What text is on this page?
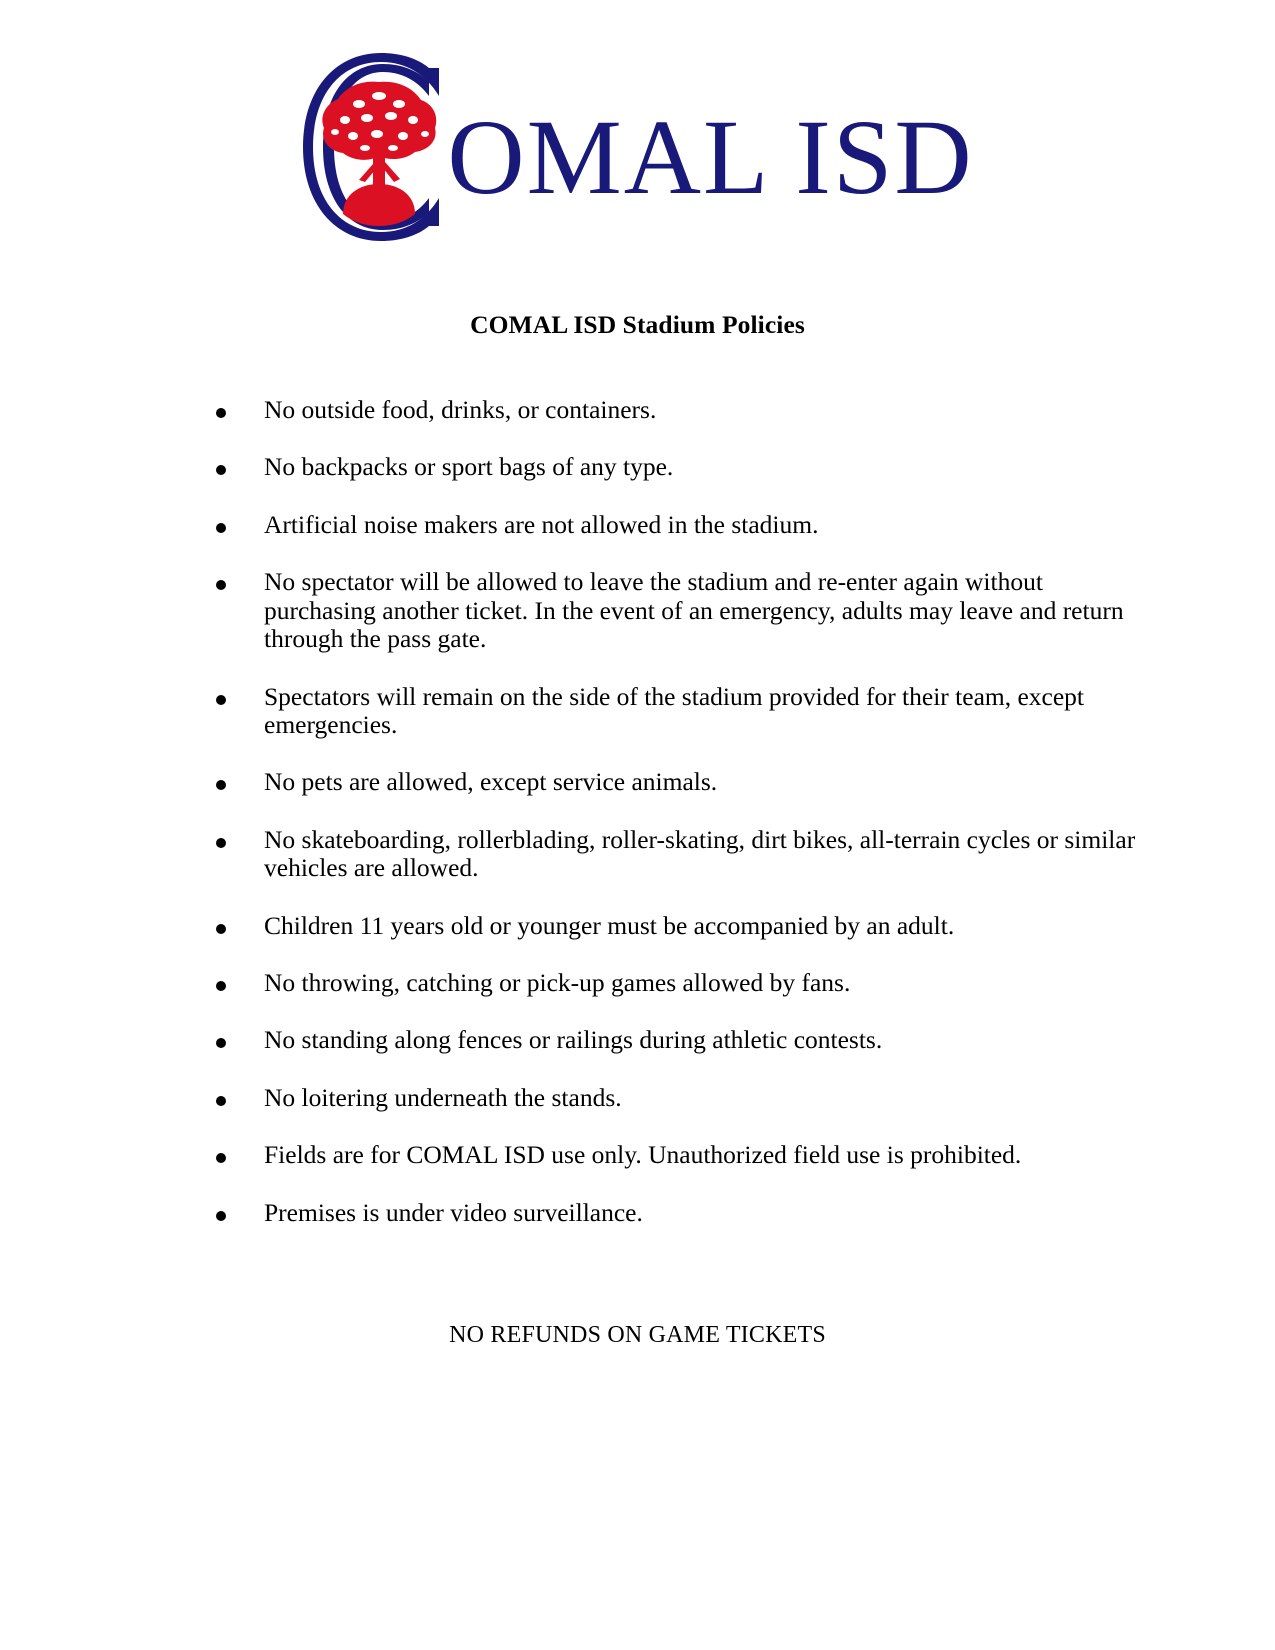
OMAL ISD
COMAL ISD Stadium Policies
No outside food, drinks, or containers.
No backpacks or sport bags of any type.
Artificial noise makers are not allowed in the stadium.
No spectator will be allowed to leave the stadium and re-enter again without purchasing another ticket. In the event of an emergency, adults may leave and return through the pass gate.
Spectators will remain on the side of the stadium provided for their team, except emergencies.
No pets are allowed, except service animals.
No skateboarding, rollerblading, roller-skating, dirt bikes, all-terrain cycles or similar vehicles are allowed.
Children 11 years old or younger must be accompanied by an adult.
No throwing, catching or pick-up games allowed by fans.
No standing along fences or railings during athletic contests.
No loitering underneath the stands.
Fields are for COMAL ISD use only. Unauthorized field use is prohibited.
Premises is under video surveillance.
NO REFUNDS ON GAME TICKETS
